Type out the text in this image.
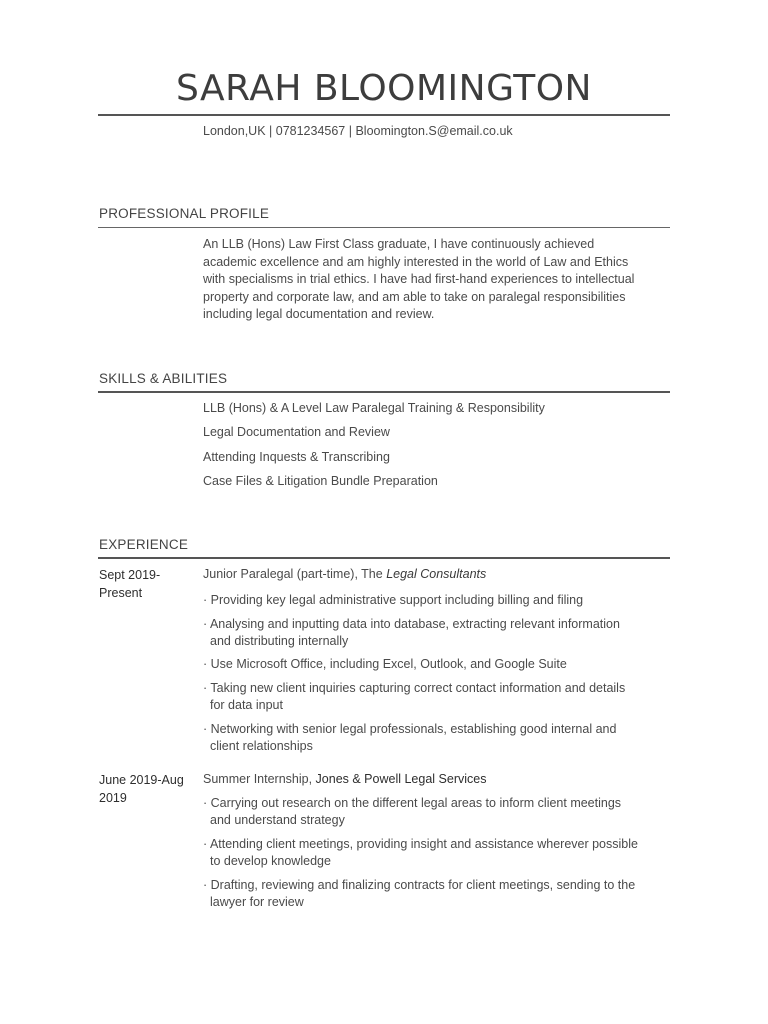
SARAH BLOOMINGTON
London,UK | 0781234567 | Bloomington.S@email.co.uk
PROFESSIONAL PROFILE
An LLB (Hons) Law First Class graduate, I have continuously achieved academic excellence and am highly interested in the world of Law and Ethics with specialisms in trial ethics. I have had first-hand experiences to intellectual property and corporate law, and am able to take on paralegal responsibilities including legal documentation and review.
SKILLS & ABILITIES
LLB (Hons) & A Level Law Paralegal Training & Responsibility
Legal Documentation and Review
Attending Inquests & Transcribing
Case Files & Litigation Bundle Preparation
EXPERIENCE
Sept 2019-
Present
Junior Paralegal (part-time), The Legal Consultants
· Providing key legal administrative support including billing and filing
· Analysing and inputting data into database, extracting relevant information and distributing internally
· Use Microsoft Office, including Excel, Outlook, and Google Suite
· Taking new client inquiries capturing correct contact information and details for data input
· Networking with senior legal professionals, establishing good internal and client relationships
June 2019-Aug
2019
Summer Internship, Jones & Powell Legal Services
· Carrying out research on the different legal areas to inform client meetings and understand strategy
· Attending client meetings, providing insight and assistance wherever possible to develop knowledge
· Drafting, reviewing and finalizing contracts for client meetings, sending to the lawyer for review
